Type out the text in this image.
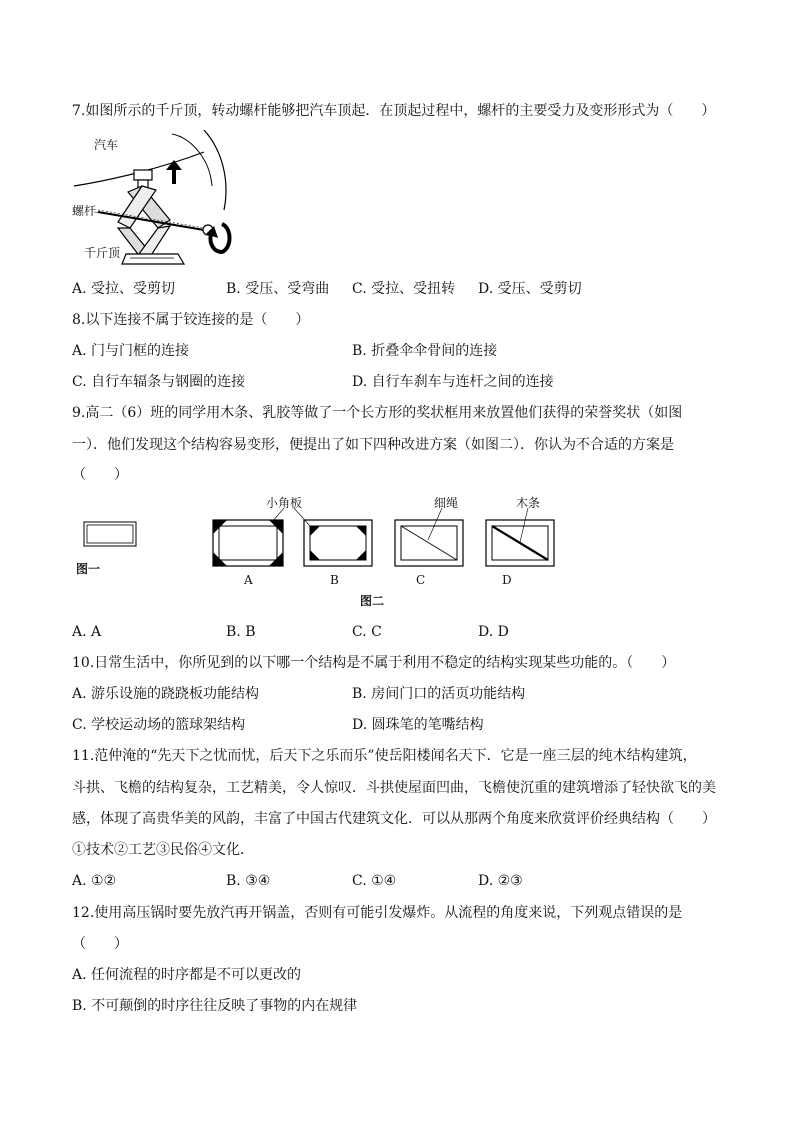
7.如图所示的千斤顶，转动螺杆能够把汽车顶起．在顶起过程中，螺杆的主要受力及变形形式为（　　）
汽车
螺杆
千斤顶
A. 受拉、受剪切	B. 受压、受弯曲 C. 受拉、受扭转 D. 受压、受剪切
8.以下连接不属于铰连接的是（　　）
A. 门与门框的连接	B. 折叠伞伞骨间的连接
C. 自行车辐条与钢圈的连接	D. 自行车刹车与连杆之间的连接
9.高二（6）班的同学用木条、乳胶等做了一个长方形的奖状框用来放置他们获得的荣誉奖状（如图
一）．他们发现这个结构容易变形，便提出了如下四种改进方案（如图二）．你认为不合适的方案是
（　　）
小角板	细绳	木条
图一
A	B	C	D
图二
A. A	B. B	C. C	D. D
10.日常生活中，你所见到的以下哪一个结构是不属于利用不稳定的结构实现某些功能的。（　　）
A. 游乐设施的跷跷板功能结构	B. 房间门口的活页功能结构
C. 学校运动场的篮球架结构	D. 圆珠笔的笔嘴结构
11.范仲淹的“先天下之忧而忧，后天下之乐而乐”使岳阳楼闻名天下．它是一座三层的纯木结构建筑，
斗拱、飞檐的结构复杂，工艺精美，令人惊叹．斗拱使屋面凹曲，飞檐使沉重的建筑增添了轻快欲飞的美
感，体现了高贵华美的风韵，丰富了中国古代建筑文化．可以从那两个角度来欣赏评价经典结构（　　）
①技术②工艺③民俗④文化．
A. ①②	B. ③④	C. ①④	D. ②③
12.使用高压锅时要先放汽再开锅盖，否则有可能引发爆炸。从流程的角度来说，下列观点错误的是
（　　）
A. 任何流程的时序都是不可以更改的
B. 不可颠倒的时序往往反映了事物的内在规律
